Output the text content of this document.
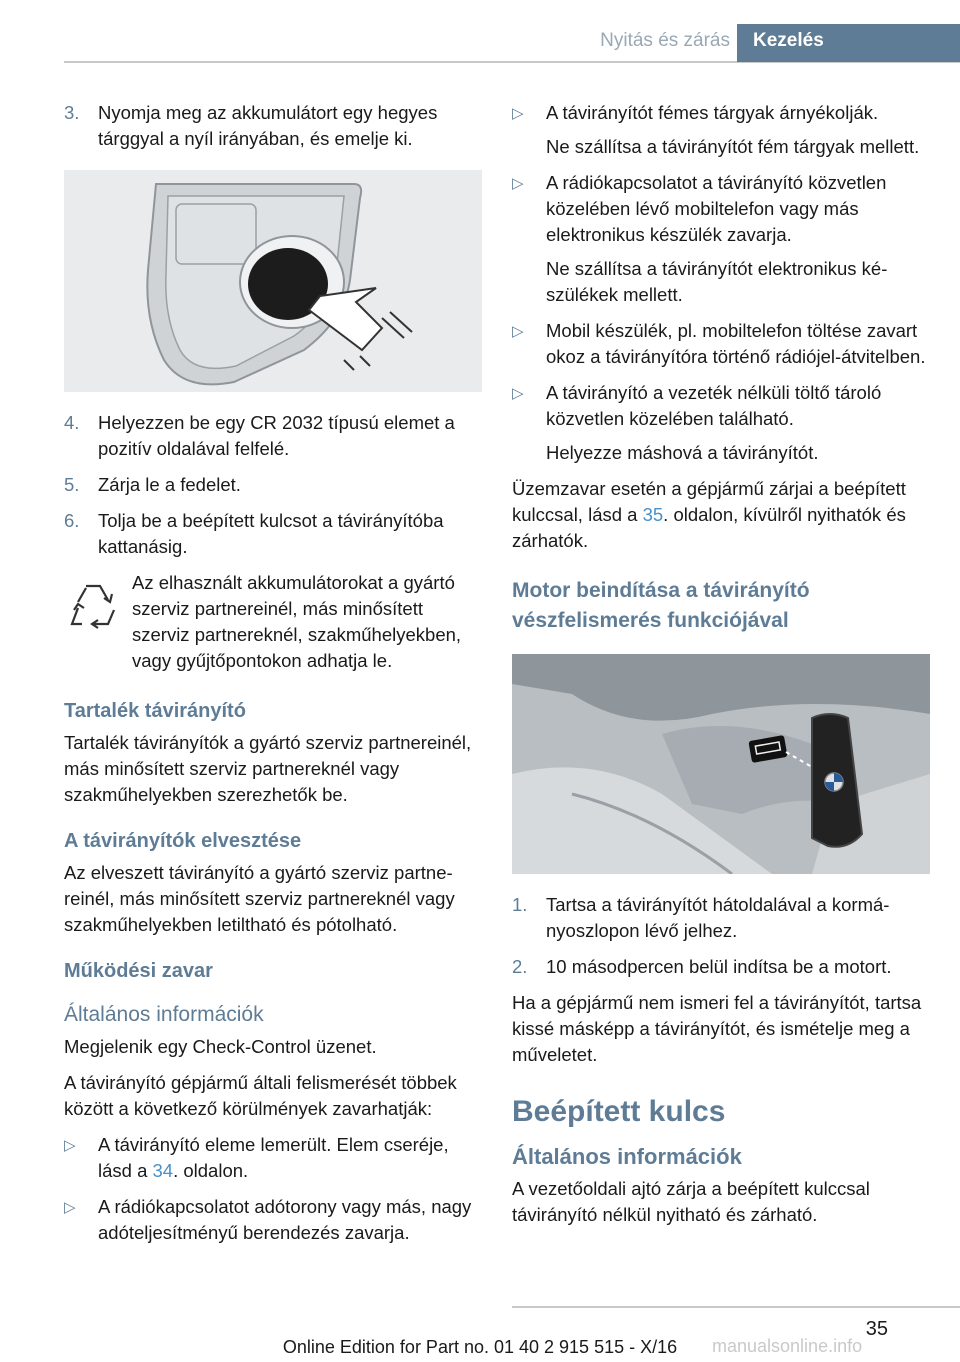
Nyitás és zárás	Kezelés
3.	Nyomja meg az akkumulátort egy hegyes tárggyal a nyíl irányában, és emelje ki.
4.	Helyezzen be egy CR 2032 típusú elemet a pozitív oldalával felfelé.
5.	Zárja le a fedelet.
6.	Tolja be a beépített kulcsot a távirányítóba kattanásig.

Az elhasznált akkumulátorokat a gyártó szerviz partnereinél, más minősített szerviz partnereknél, szakműhelyekben, vagy gyűjtőpontokon adhatja le.

Tartalék távirányító

Tartalék távirányítók a gyártó szerviz partnereinél, más minősített szerviz partnereknél vagy szakműhelyekben szerezhetők be.

A távirányítók elvesztése

Az elveszett távirányító a gyártó szerviz partnereinél, más minősített szerviz partnereknél vagy szakműhelyekben letiltható és pótolható.

Működési zavar
Általános információk

Megjelenik egy Check-Control üzenet.

A távirányító gépjármű általi felismerését többek között a következő körülmények zavarhatják:

▷	A távirányító eleme lemerült. Elem cseréje, lásd a 34. oldalon.
▷	A rádiókapcsolatot adótorony vagy más, nagy adóteljesítményű berendezés zavarja.
▷	A távirányítót fémes tárgyak árnyékolják.

Ne szállítsa a távirányítót fém tárgyak mellett.

▷	A rádiókapcsolatot a távirányító közvetlen közelében lévő mobiltelefon vagy más elektronikus készülék zavarja.

Ne szállítsa a távirányítót elektronikus készülékek mellett.

▷	Mobil készülék, pl. mobiltelefon töltése zavart okoz a távirányítóra történő rádiójel-átvitelben.
▷	A távirányító a vezeték nélküli töltő tároló közvetlen közelében található.

Helyezze máshová a távirányítót.

Üzemzavar esetén a gépjármű zárjai a beépített kulccsal, lásd a 35. oldalon, kívülről nyithatók és zárhatók.

Motor beindítása a távirányító
vészfelismerés funkciójával
1.	Tartsa a távirányítót hátoldalával a kormányoszlopon lévő jelhez.
2.	10 másodpercen belül indítsa be a motort.

Ha a gépjármű nem ismeri fel a távirányítót, tartsa kissé másképp a távirányítót, és ismételje meg a műveletet.

Beépített kulcs
Általános információk

A vezetőoldali ajtó zárja a beépített kulccsal távirányító nélkül nyitható és zárható.

35
Online Edition for Part no. 01 40 2 915 515 - X/16	manualsonline.info
